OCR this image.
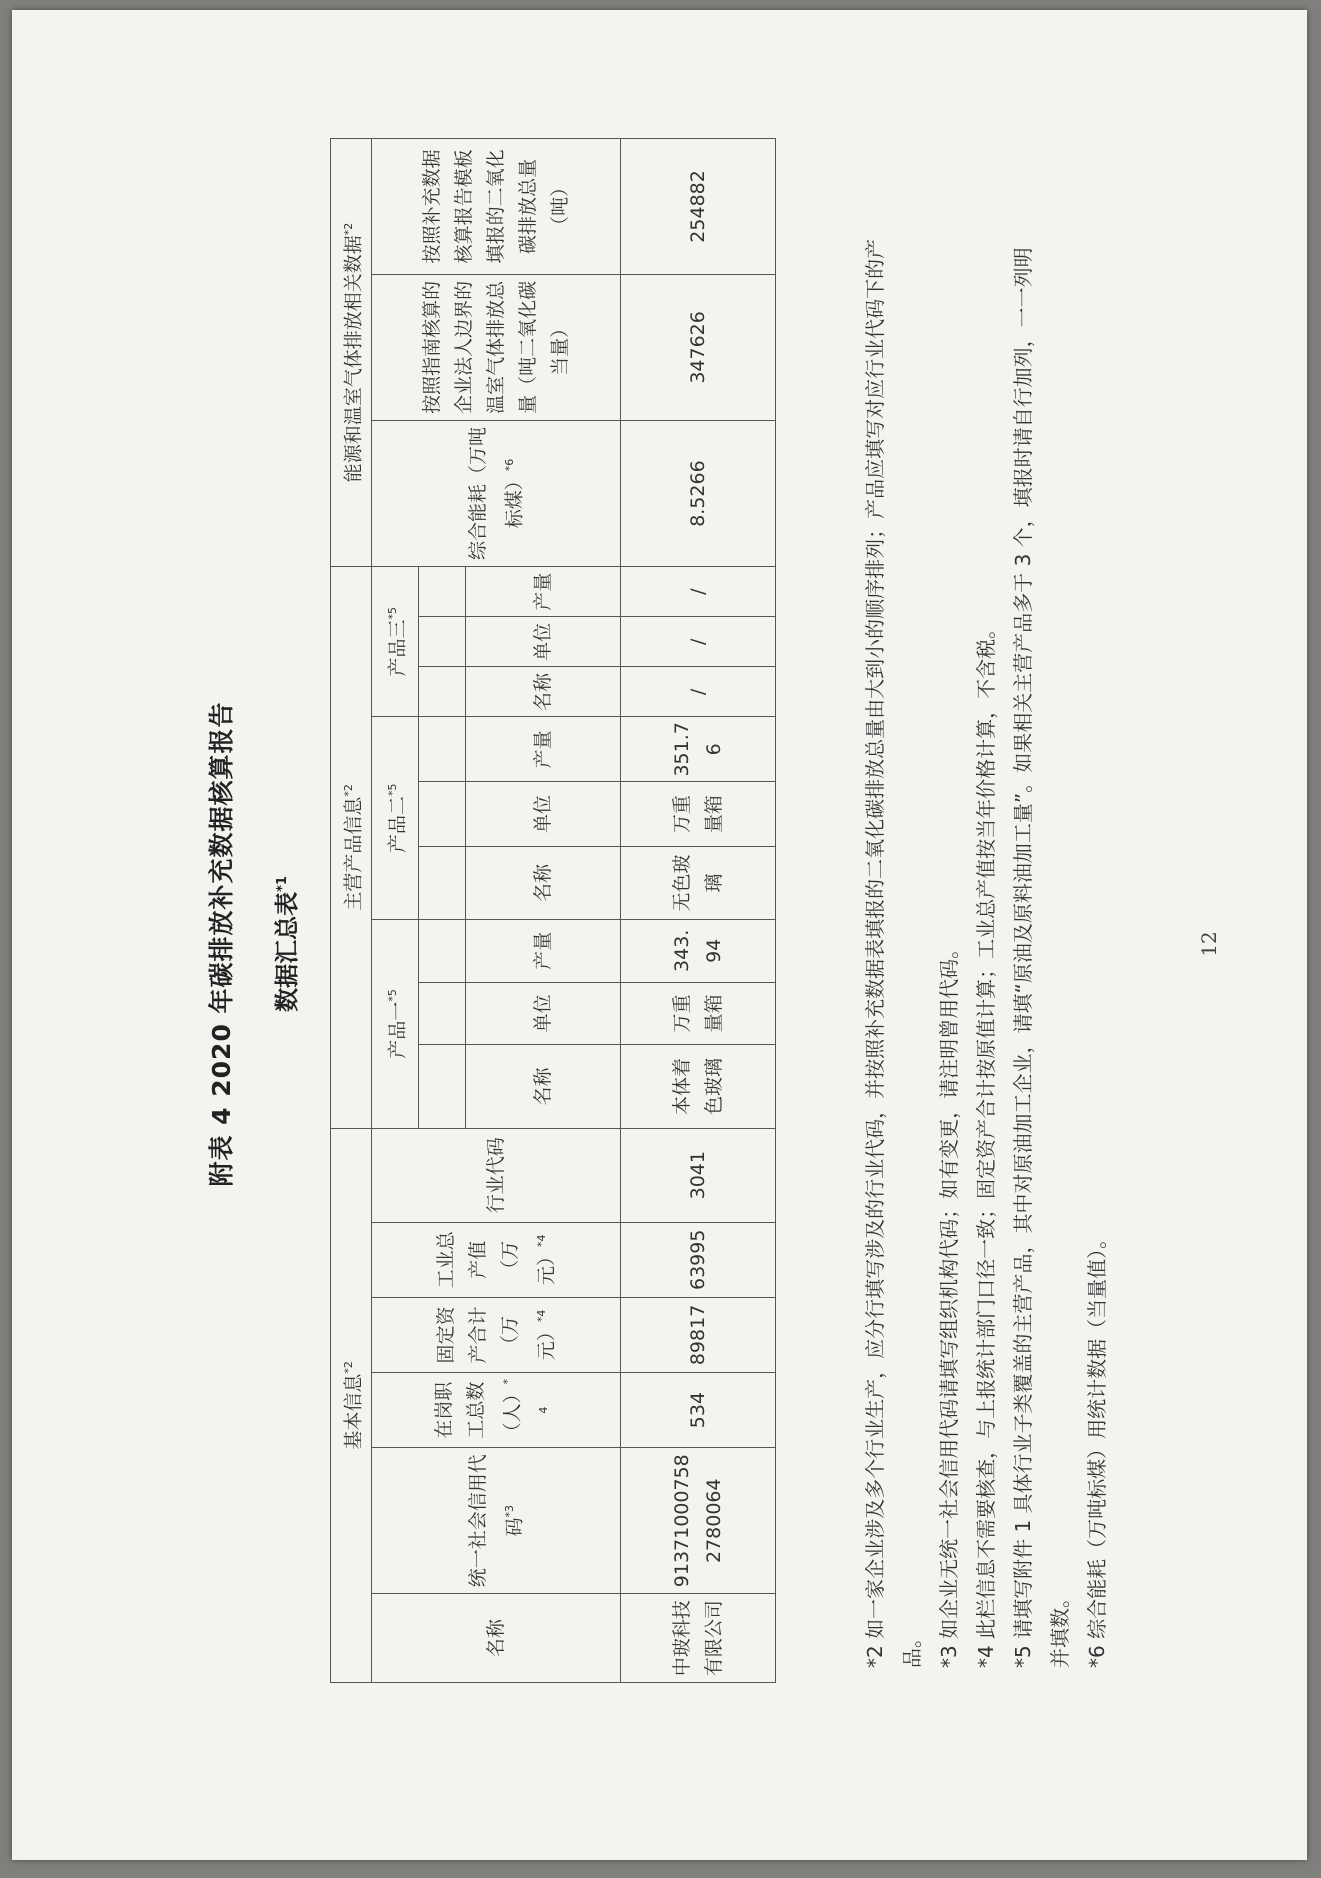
附表 4 2020 年碳排放补充数据核算报告 数据汇总表$^{*1}$
基本信息$^{*2}$						主营产品信息$^{*2}$									能源和温室气体排放相关数据$^{*2}$
名称	统一社会信用代码$^{*3}$	在岗职工总数（人）$^{*4}$	固定资产合计（万元）$^{*4}$	工业总产值（万元）$^{*4}$	行业代码	产品一$^{*5}$			产品二$^{*5}$			产品三$^{*5}$			综合能耗（万吨标煤）$^{*6}$	按照指南核算的企业法人边界的温室气体排放总量（吨二氧化碳当量）	按照补充数据核算报告模板填报的二氧化碳排放总量（吨）

						名称	单位	产量	名称	单位	产量	名称	单位	产量			
中玻科技有限公司	913710007582780064	534	89817	63995	3041	本体着色玻璃	万重量箱	343.94	无色玻璃	万重量箱	351.76	/	/	/	8.5266	347626	254882

*2 如一家企业涉及多个行业生产，应分行填写涉及的行业代码，并按照补充数据表填报的二氧化碳排放总量由大到小的顺序排列；产品应填写对应行业代码下的产品。 *3 如企业无统一社会信用代码请填写组织机构代码；如有变更，请注明曾用代码。 *4 此栏信息不需要核查，与上报统计部门口径一致；固定资产合计按原值计算；工业总产值按当年价格计算，不含税。 *5 请填写附件 1 具体行业子类覆盖的主营产品，其中对原油加工企业，请填“原油及原料油加工量”。如果相关主营产品多于 3 个，填报时请自行加列，一一列明并填数。 *6 综合能耗（万吨标煤）用统计数据（当量值）。

12
